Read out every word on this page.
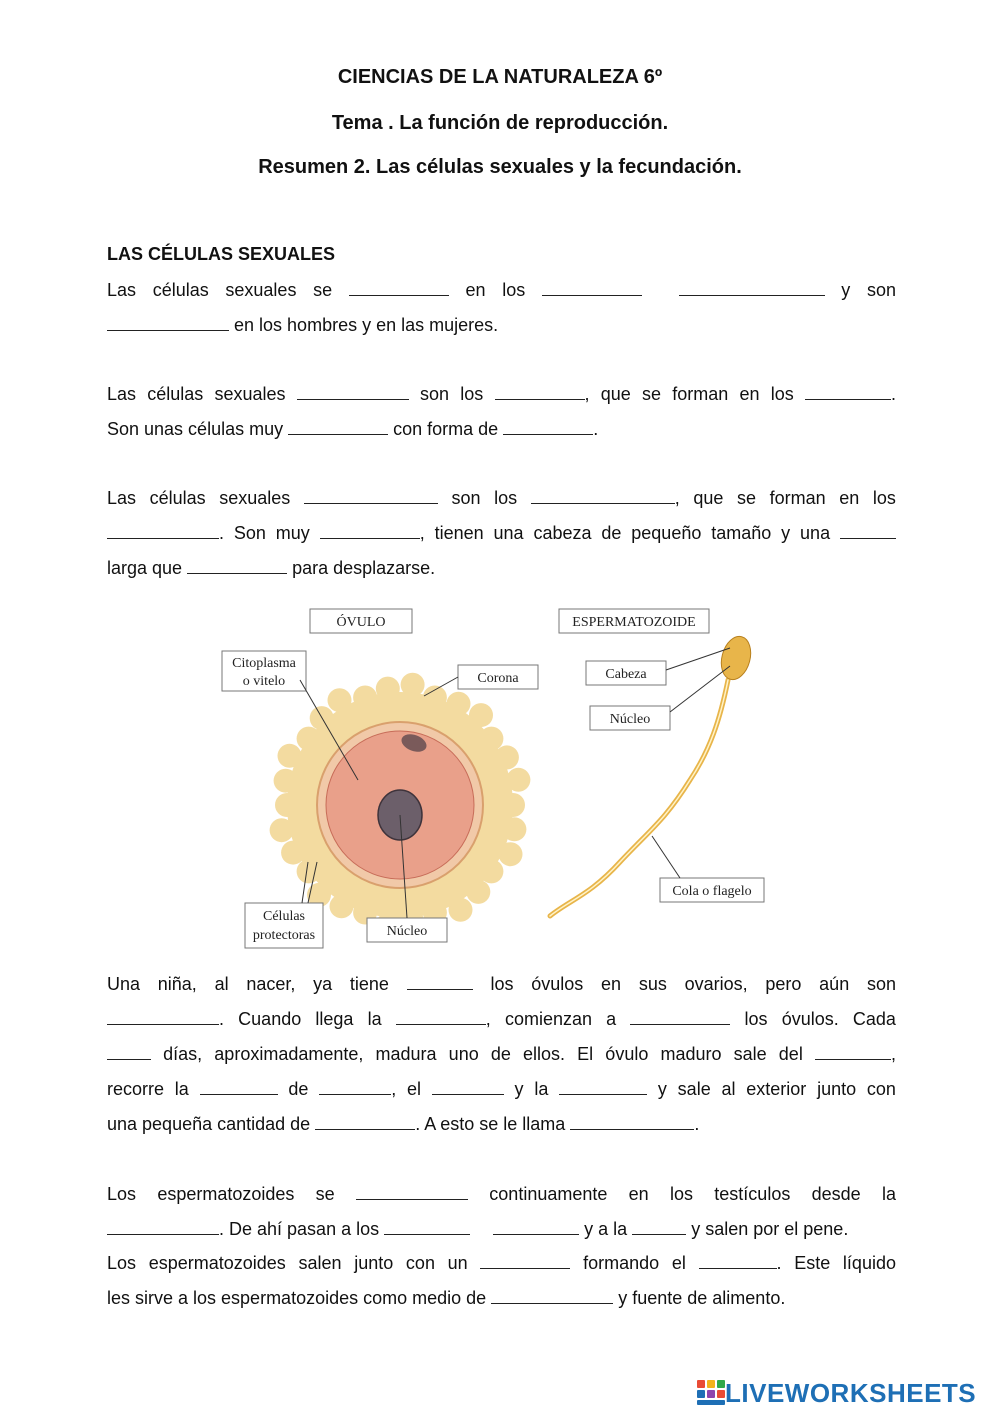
CIENCIAS DE LA NATURALEZA 6º
Tema . La función de reproducción.
Resumen 2. Las células sexuales y la fecundación.
LAS CÉLULAS SEXUALES
Las células sexuales se	en los	y son
en los hombres y en las mujeres.
Las células sexuales	son los	, que se forman en los	.
Son unas células muy	con forma de	.
Las células sexuales	son los	, que se forman en los
. Son muy	, tienen una cabeza de pequeño tamaño y una
larga que	para desplazarse.
ÓVULO
Citoplasma
o vitelo	Corona
Células
protectoras	Núcleo
ESPERMATOZOIDE
Cabeza
Núcleo
Cola o flagelo
Una niña, al nacer, ya tiene	los óvulos en sus ovarios, pero aún son
. Cuando llega la	, comienzan a	los óvulos. Cada
días, aproximadamente, madura uno de ellos. El óvulo maduro sale del	,
recorre la	de	, el	y la	y sale al exterior junto con
una pequeña cantidad de	. A esto se le llama	.
Los espermatozoides se	continuamente en los testículos desde la
. De ahí pasan a los	y a la	y salen por el pene.
Los espermatozoides salen junto con un	formando el	. Este líquido
les sirve a los espermatozoides como medio de	y fuente de alimento.
LIVEWORKSHEETS
